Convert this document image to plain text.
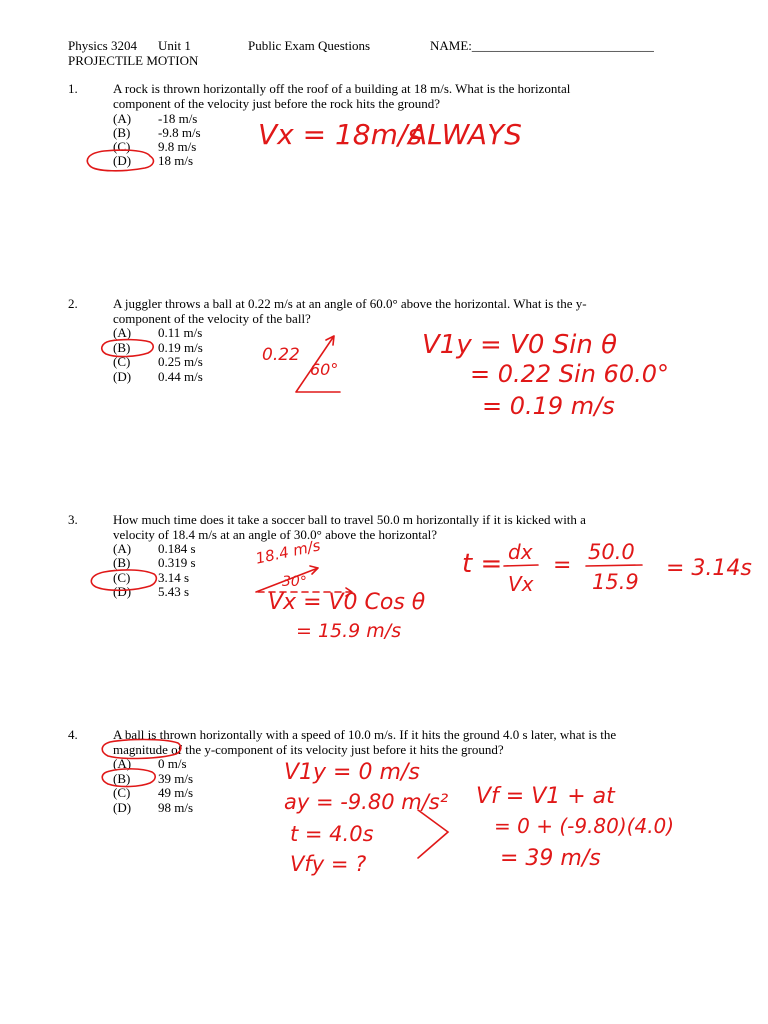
Physics 3204 Unit 1	Public Exam Questions	NAME:____________________________
PROJECTILE MOTION
1.	A rock is thrown horizontally off the roof of a building at 18 m/s. What is the horizontal
component of the velocity just before the rock hits the ground?
(A) -18 m/s
(B) -9.8 m/s
(C) 9.8 m/s
(D) 18 m/s
Vx = 18m/s
ALWAYS
2.	A juggler throws a ball at 0.22 m/s at an angle of 60.0° above the horizontal. What is the y-
component of the velocity of the ball?
(A) 0.11 m/s
(B) 0.19 m/s
(C) 0.25 m/s
(D) 0.44 m/s
0.22
60°
V1y = V0 Sin θ
= 0.22 Sin 60.0°
= 0.19 m/s
3.	How much time does it take a soccer ball to travel 50.0 m horizontally if it is kicked with a
velocity of 18.4 m/s at an angle of 30.0° above the horizontal?
(A) 0.184 s
(B) 0.319 s
(C) 3.14 s
(D) 5.43 s
18.4 m/s
30°
Vx = V0 Cos θ
= 15.9 m/s
t = dx
Vx
=
50.0
15.9
= 3.14s
4.	A ball is thrown horizontally with a speed of 10.0 m/s. If it hits the ground 4.0 s later, what is the
magnitude of the y-component of its velocity just before it hits the ground?
(A) 0 m/s
(B) 39 m/s
(C) 49 m/s
(D) 98 m/s
V1y = 0 m/s
ay = -9.80 m/s²
t = 4.0s
Vfy = ?
Vf = V1 + at
= 0 + (-9.80)(4.0)
= 39 m/s
